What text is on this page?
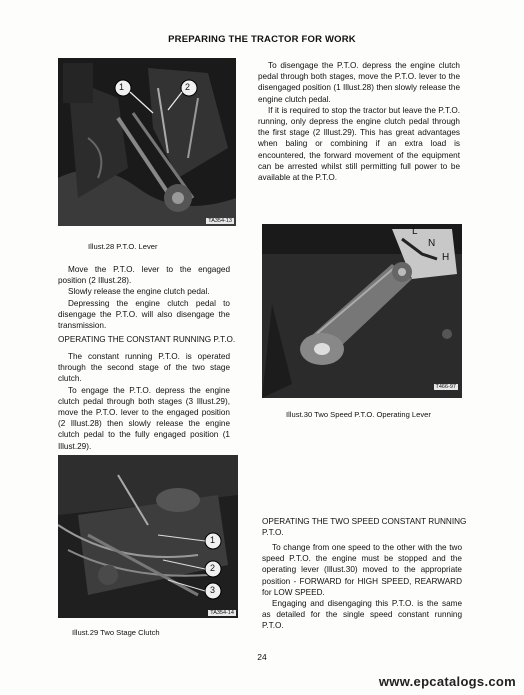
PREPARING THE TRACTOR FOR WORK
1	2
TA354-13

To disengage the P.T.O. depress the engine clutch pedal through both stages, move the P.T.O. lever to the disengaged position (1 Illust.28) then slowly release the engine clutch pedal.

If it is required to stop the tractor but leave the P.T.O. running, only depress the engine clutch pedal through the first stage (2 Illust.29). This has great advantages when baling or combining if an extra load is encountered, the forward movement of the equipment can be arrested whilst still permitting full power to be available at the P.T.O.

Illust.28 P.T.O. Lever

Move the P.T.O. lever to the engaged position (2 Illust.28).

Slowly release the engine clutch pedal.

Depressing the engine clutch pedal to disengage the P.T.O. will also disengage the transmission.

OPERATING THE CONSTANT RUNNING P.T.O.

The constant running P.T.O. is operated through the second stage of the two stage clutch.

To engage the P.T.O. depress the engine clutch pedal through both stages (3 Illust.29), move the P.T.O. lever to the engaged position (2 Illust.28) then slowly release the engine clutch pedal to the fully engaged position (1 Illust.29).

L
N
H
T466-97
Illust.30 Two Speed P.T.O. Operating Lever
1
2
3
TA354-14
Illust.29 Two Stage Clutch
OPERATING THE TWO SPEED CONSTANT RUNNING P.T.O.

To change from one speed to the other with the two speed P.T.O. the engine must be stopped and the operating lever (Illust.30) moved to the appropriate position - FORWARD for HIGH SPEED, REARWARD for LOW SPEED.

Engaging and disengaging this P.T.O. is the same as detailed for the single speed constant running P.T.O.

24
www.epcatalogs.com
